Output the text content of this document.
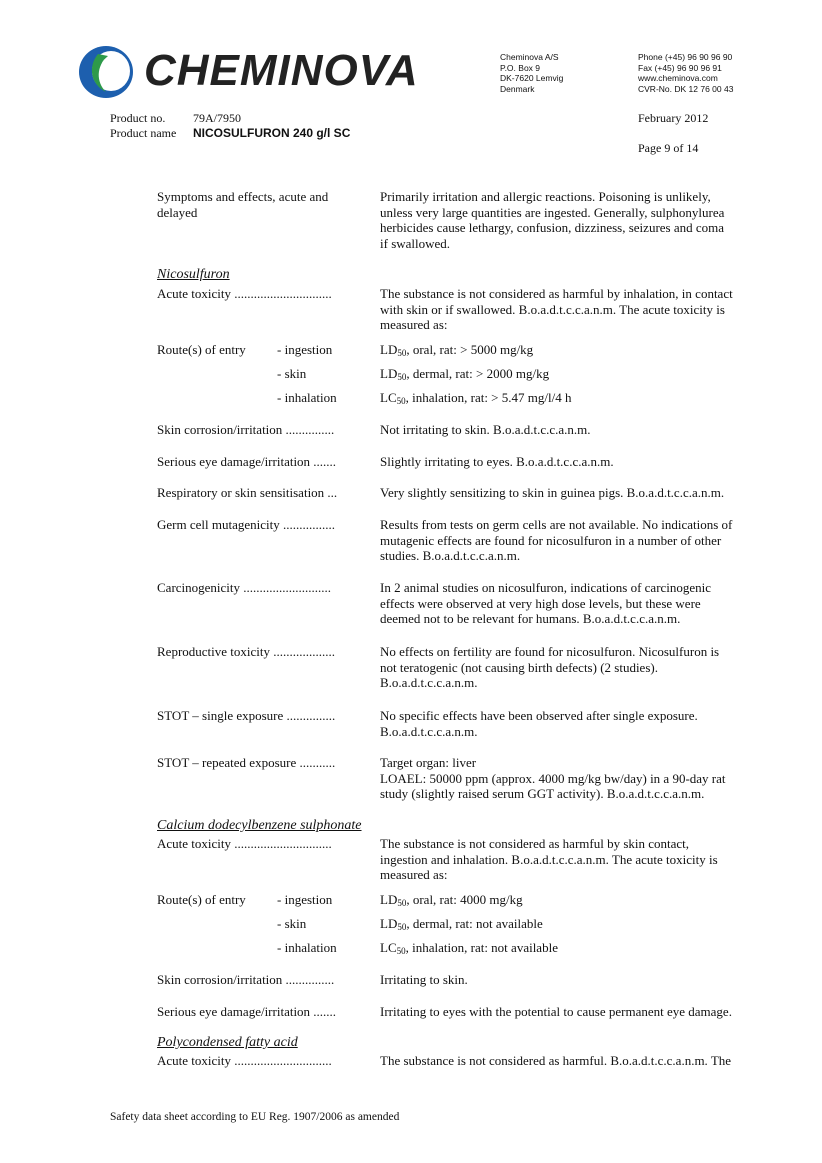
CHEMINOVA	Cheminova A/S
P.O. Box 9
DK-7620 Lemvig
Denmark
Phone (+45) 96 90 96 90
Fax (+45) 96 90 96 91
www.cheminova.com
CVR-No. DK 12 76 00 43
Product no. 79A/7950
Product name NICOSULFURON 240 g/l SC
February 2012
Page 9 of 14
Symptoms and effects, acute and
delayed
Primarily irritation and allergic reactions. Poisoning is unlikely,
unless very large quantities are ingested. Generally, sulphonylurea
herbicides cause lethargy, confusion, dizziness, seizures and coma
if swallowed.
Nicosulfuron
Acute toxicity ..............................	The substance is not considered as harmful by inhalation, in contact
with skin or if swallowed. B.o.a.d.t.c.c.a.n.m. The acute toxicity is
measured as:
Route(s) of entry - ingestion	$LD_{50}$, oral, rat: > 5000 mg/kg
- skin	$LD_{50}$, dermal, rat: > 2000 mg/kg
- inhalation	$LC_{50}$, inhalation, rat: > 5.47 mg/l/4 h
Skin corrosion/irritation ...............	Not irritating to skin. B.o.a.d.t.c.c.a.n.m.
Serious eye damage/irritation .......	Slightly irritating to eyes. B.o.a.d.t.c.c.a.n.m.
Respiratory or skin sensitisation ...	Very slightly sensitizing to skin in guinea pigs. B.o.a.d.t.c.c.a.n.m.
Germ cell mutagenicity ................	Results from tests on germ cells are not available. No indications of
mutagenic effects are found for nicosulfuron in a number of other
studies. B.o.a.d.t.c.c.a.n.m.
Carcinogenicity ...........................	In 2 animal studies on nicosulfuron, indications of carcinogenic
effects were observed at very high dose levels, but these were
deemed not to be relevant for humans. B.o.a.d.t.c.c.a.n.m.
Reproductive toxicity ...................	No effects on fertility are found for nicosulfuron. Nicosulfuron is
not teratogenic (not causing birth defects) (2 studies).
B.o.a.d.t.c.c.a.n.m.
STOT – single exposure ...............	No specific effects have been observed after single exposure.
B.o.a.d.t.c.c.a.n.m.
STOT – repeated exposure ...........	Target organ: liver
LOAEL: 50000 ppm (approx. 4000 mg/kg bw/day) in a 90-day rat
study (slightly raised serum GGT activity). B.o.a.d.t.c.c.a.n.m.
Calcium dodecylbenzene sulphonate
Acute toxicity ..............................	The substance is not considered as harmful by skin contact,
ingestion and inhalation. B.o.a.d.t.c.c.a.n.m. The acute toxicity is
measured as:
Route(s) of entry - ingestion	$LD_{50}$, oral, rat: 4000 mg/kg
- skin	$LD_{50}$, dermal, rat: not available
- inhalation	$LC_{50}$, inhalation, rat: not available
Skin corrosion/irritation ...............	Irritating to skin.
Serious eye damage/irritation .......	Irritating to eyes with the potential to cause permanent eye damage.
Polycondensed fatty acid
Acute toxicity ..............................	The substance is not considered as harmful. B.o.a.d.t.c.c.a.n.m. The
Safety data sheet according to EU Reg. 1907/2006 as amended
